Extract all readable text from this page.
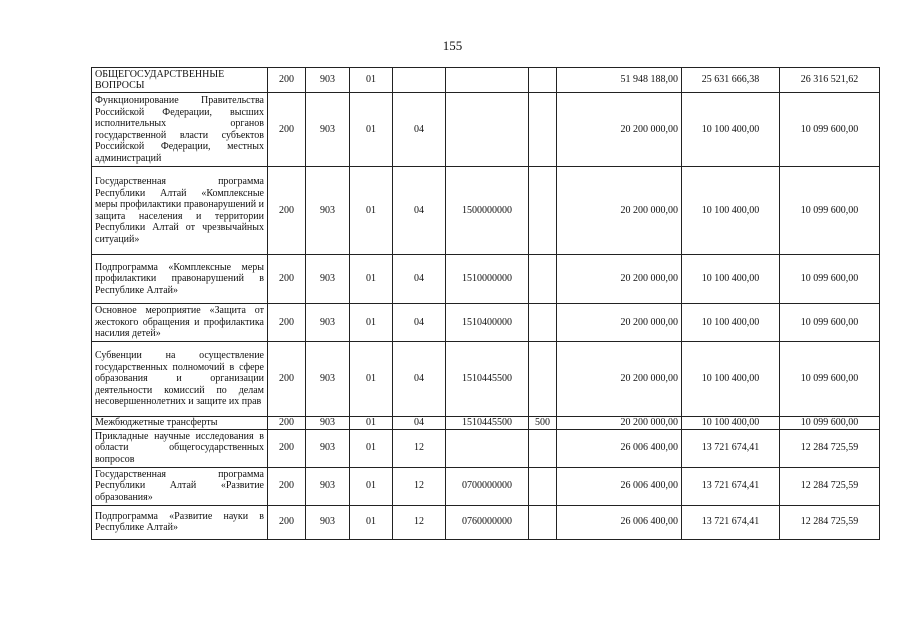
155
ОБЩЕГОСУДАРСТВЕННЫЕ ВОПРОСЫ	200	903	01				51 948 188,00	25 631 666,38	26 316 521,62
Функционирование Правительства Российской Федерации, высших исполнительных органов государственной власти субъектов Российской Федерации, местных администраций	200	903	01	04			20 200 000,00	10 100 400,00	10 099 600,00
Государственная программа Республики Алтай «Комплексные меры профилактики правонарушений и защита населения и территории Республики Алтай от чрезвычайных ситуаций»	200	903	01	04	1500000000		20 200 000,00	10 100 400,00	10 099 600,00
Подпрограмма «Комплексные меры профилактики правонарушений в Республике Алтай»	200	903	01	04	1510000000		20 200 000,00	10 100 400,00	10 099 600,00
Основное мероприятие «Защита от жестокого обращения и профилактика насилия детей»	200	903	01	04	1510400000		20 200 000,00	10 100 400,00	10 099 600,00
Субвенции на осуществление государственных полномочий в сфере образования и организации деятельности комиссий по делам несовершеннолетних и защите их прав	200	903	01	04	1510445500		20 200 000,00	10 100 400,00	10 099 600,00
Межбюджетные трансферты	200	903	01	04	1510445500	500	20 200 000,00	10 100 400,00	10 099 600,00
Прикладные научные исследования в области общегосударственных вопросов	200	903	01	12			26 006 400,00	13 721 674,41	12 284 725,59
Государственная программа Республики Алтай «Развитие образования»	200	903	01	12	0700000000		26 006 400,00	13 721 674,41	12 284 725,59
Подпрограмма «Развитие науки в Республике Алтай»	200	903	01	12	0760000000		26 006 400,00	13 721 674,41	12 284 725,59
